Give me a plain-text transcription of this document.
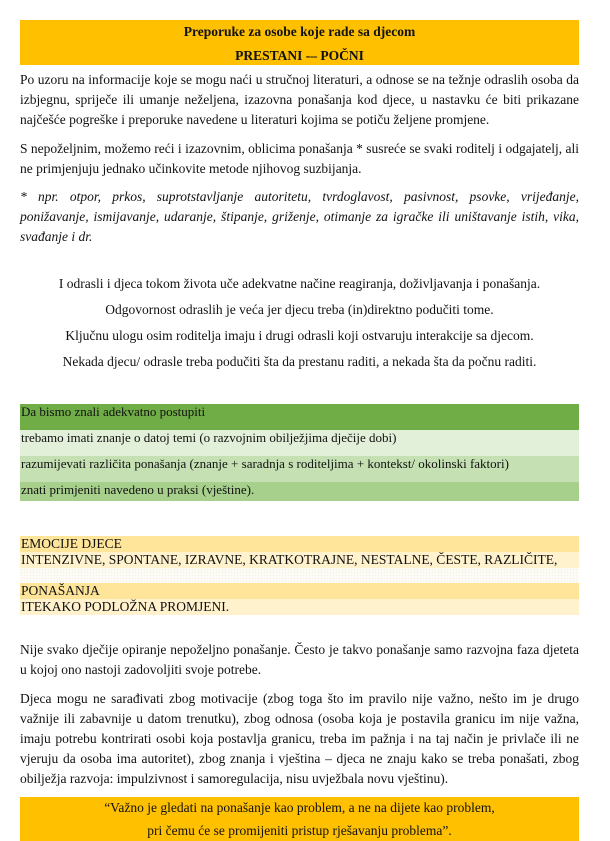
Preporuke za osobe koje rade sa djecom
PRESTANI -– POČNI

Po uzoru na informacije koje se mogu naći u stručnoj literaturi, a odnose se na težnje odraslih osoba da izbjegnu, spriječe ili umanje neželjena, izazovna ponašanja kod djece, u nastavku će biti prikazane najčešće pogreške i preporuke navedene u literaturi kojima se potiču željene promjene.

S nepoželjnim, možemo reći i izazovnim, oblicima ponašanja * susreće se svaki roditelj i odgajatelj, ali ne primjenjuju jednako učinkovite metode njihovog suzbijanja.

* npr. otpor, prkos, suprotstavljanje autoritetu, tvrdoglavost, pasivnost, psovke, vrijeđanje, ponižavanje, ismijavanje, udaranje, štipanje, griženje, otimanje za igračke ili uništavanje istih, vika, svađanje i dr.

I odrasli i djeca tokom života uče adekvatne načine reagiranja, doživljavanja i ponašanja.

Odgovornost odraslih je veća jer djecu treba (in)direktno podučiti tome.

Ključnu ulogu osim roditelja imaju i drugi odrasli koji ostvaruju interakcije sa djecom.

Nekada djecu/ odrasle treba podučiti šta da prestanu raditi, a nekada šta da počnu raditi.

Da bismo znali adekvatno postupiti
trebamo imati znanje o datoj temi (o razvojnim obilježjima dječije dobi)
razumijevati različita ponašanja (znanje + saradnja s roditeljima + kontekst/ okolinski faktori)
znati primjeniti navedeno u praksi (vještine).
EMOCIJE DJECE
INTENZIVNE, SPONTANE, IZRAVNE, KRATKOTRAJNE, NESTALNE, ČESTE, RAZLIČITE,
PONAŠANJA
ITEKAKO PODLOŽNA PROMJENI.

Nije svako dječije opiranje nepoželjno ponašanje. Često je takvo ponašanje samo razvojna faza djeteta u kojoj ono nastoji zadovoljiti svoje potrebe.

Djeca mogu ne sarađivati zbog motivacije (zbog toga što im pravilo nije važno, nešto im je drugo važnije ili zabavnije u datom trenutku), zbog odnosa (osoba koja je postavila granicu im nije važna, imaju potrebu kontrirati osobi koja postavlja granicu, treba im pažnja i na taj način je privlače ili ne vjeruju da osoba ima autoritet), zbog znanja i vještina – djeca ne znaju kako se treba ponašati, zbog obilježja razvoja: impulzivnost i samoregulacija, nisu uvježbala novu vještinu).

“Važno je gledati na ponašanje kao problem, a ne na dijete kao problem,
pri čemu će se promijeniti pristup rješavanju problema”.
